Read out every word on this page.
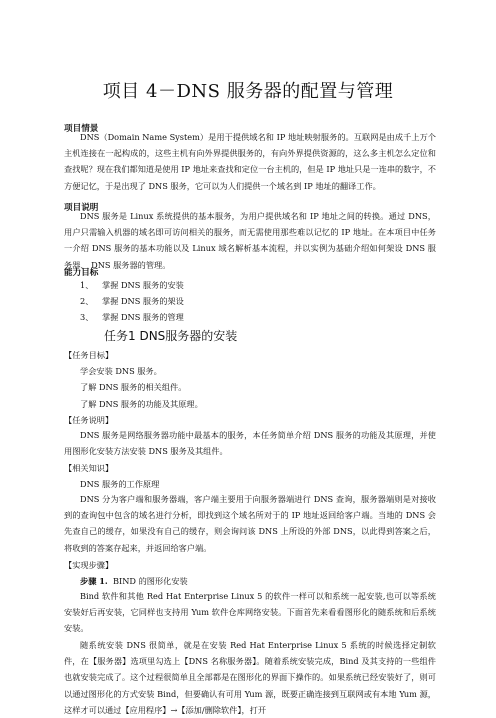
项目 4－DNS 服务器的配置与管理
项目情景
DNS（Domain Name System）是用于提供域名和 IP 地址映射服务的。互联网是由成千上万个主机连接在一起构成的，这些主机有向外界提供服务的，有向外界提供资源的，这么多主机怎么定位和查找呢？现在我们都知道是使用 IP 地址来查找和定位一台主机的，但是 IP 地址只是一连串的数字，不方便记忆，于是出现了 DNS 服务，它可以为人们提供一个域名到 IP 地址的翻译工作。
项目说明
DNS 服务是 Linux 系统提供的基本服务，为用户提供域名和 IP 地址之间的转换。通过 DNS，用户只需输入机器的域名即可访问相关的服务，而无需使用那些难以记忆的 IP 地址。在本项目中任务一介绍 DNS 服务的基本功能以及 Linux 域名解析基本流程，并以实例为基础介绍如何架设 DNS 服务器、 DNS 服务器的管理。
能力目标
1、 掌握 DNS 服务的安装
2、 掌握 DNS 服务的架设
3、 掌握 DNS 服务的管理
任务1 DNS服务器的安装
【任务目标】
学会安装 DNS 服务。
了解 DNS 服务的相关组件。
了解 DNS 服务的功能及其原理。
【任务说明】
DNS 服务是网络服务器功能中最基本的服务，本任务简单介绍 DNS 服务的功能及其原理，并使用图形化安装方法安装 DNS 服务及其组件。
【相关知识】
DNS 服务的工作原理
DNS 分为客户端和服务器端，客户端主要用于向服务器端进行 DNS 查询，服务器端则是对接收到的查询包中包含的域名进行分析，即找到这个域名所对于的 IP 地址返回给客户端。当地的 DNS 会先查自己的缓存，如果没有自己的缓存，则会询问该 DNS 上所设的外部 DNS，以此得到答案之后，将收到的答案存起来，并返回给客户端。
【实现步骤】
步骤 1. BIND 的图形化安装
Bind 软件和其他 Red Hat Enterprise Linux 5 的软件一样可以和系统一起安装,也可以等系统安装好后再安装，它同样也支持用 Yum 软件仓库网络安装。下面首先来看看图形化的随系统和后系统安装。
随系统安装 DNS 很简单，就是在安装 Red Hat Enterprise Linux 5 系统的时候选择定制软件，在【服务器】选项里勾选上【DNS 名称服务器】。随着系统安装完成，Bind 及其支持的一些组件也就安装完成了。这个过程很简单且全部都是在图形化的界面下操作的。如果系统已经安装好了，则可以通过图形化的方式安装 Bind，但要确认有可用 Yum 源，既要正确连接到互联网或有本地 Yum 源，这样才可以通过【应用程序】→【添加/删除软件】，打开
